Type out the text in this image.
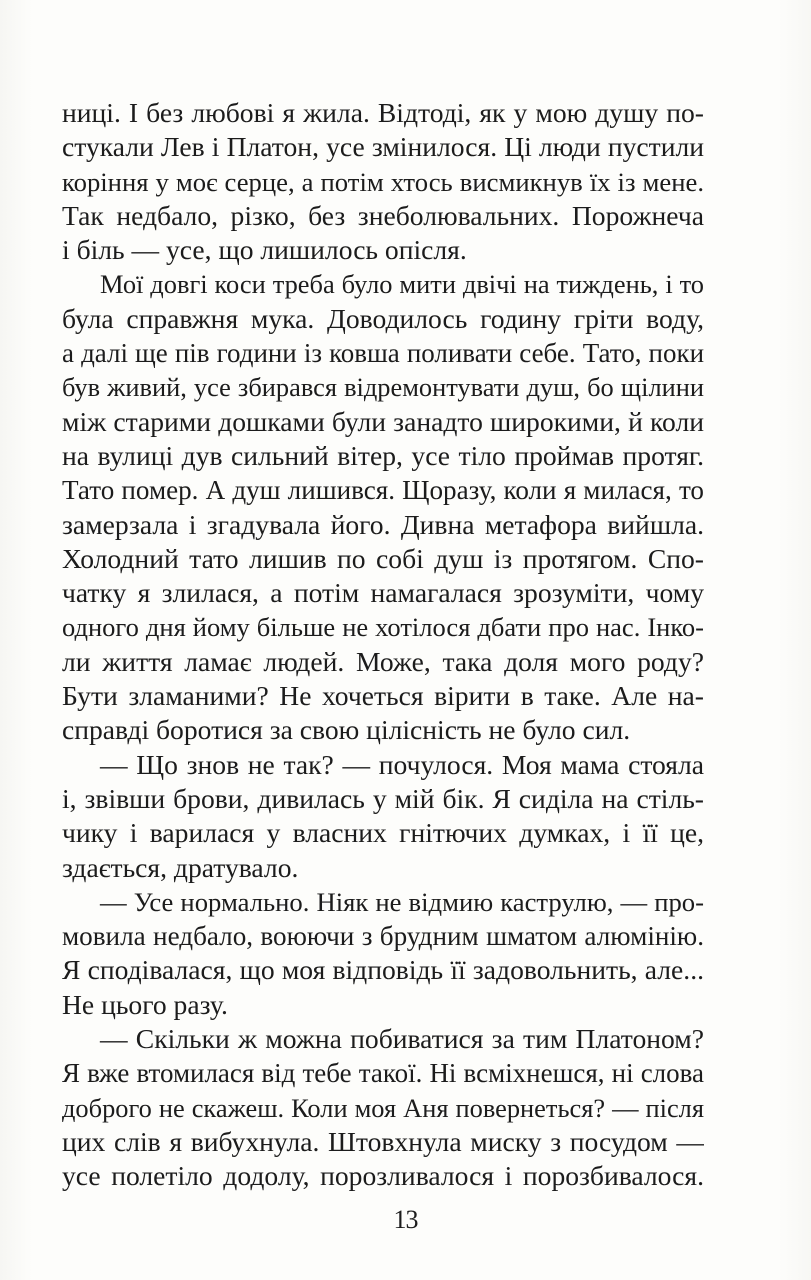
ниці. І без любові я жила. Відтоді, як у мою душу по-
стукали Лев і Платон, усе змінилося. Ці люди пустили
коріння у моє серце, а потім хтось висмикнув їх із мене.
Так недбало, різко, без знеболювальних. Порожнеча
і біль — усе, що лишилось опісля.
Мої довгі коси треба було мити двічі на тиждень, і то
була справжня мука. Доводилось годину гріти воду,
а далі ще пів години із ковша поливати себе. Тато, поки
був живий, усе збирався відремонтувати душ, бо щілини
між старими дошками були занадто широкими, й коли
на вулиці дув сильний вітер, усе тіло проймав протяг.
Тато помер. А душ лишився. Щоразу, коли я милася, то
замерзала і згадувала його. Дивна метафора вийшла.
Холодний тато лишив по собі душ із протягом. Спо-
чатку я злилася, а потім намагалася зрозуміти, чому
одного дня йому більше не хотілося дбати про нас. Інко-
ли життя ламає людей. Може, така доля мого роду?
Бути зламаними? Не хочеться вірити в таке. Але на-
справді боротися за свою цілісність не було сил.
— Що знов не так? — почулося. Моя мама стояла
і, звівши брови, дивилась у мій бік. Я сиділа на стіль-
чику і варилася у власних гнітючих думках, і її це,
здається, дратувало.
— Усе нормально. Ніяк не відмию каструлю, — про-
мовила недбало, воюючи з брудним шматом алюмінію.
Я сподівалася, що моя відповідь її задовольнить, але...
Не цього разу.
— Скільки ж можна побиватися за тим Платоном?
Я вже втомилася від тебе такої. Ні всміхнешся, ні слова
доброго не скажеш. Коли моя Аня повернеться? — після
цих слів я вибухнула. Штовхнула миску з посудом —
усе полетіло додолу, порозливалося і порозбивалося.
13
